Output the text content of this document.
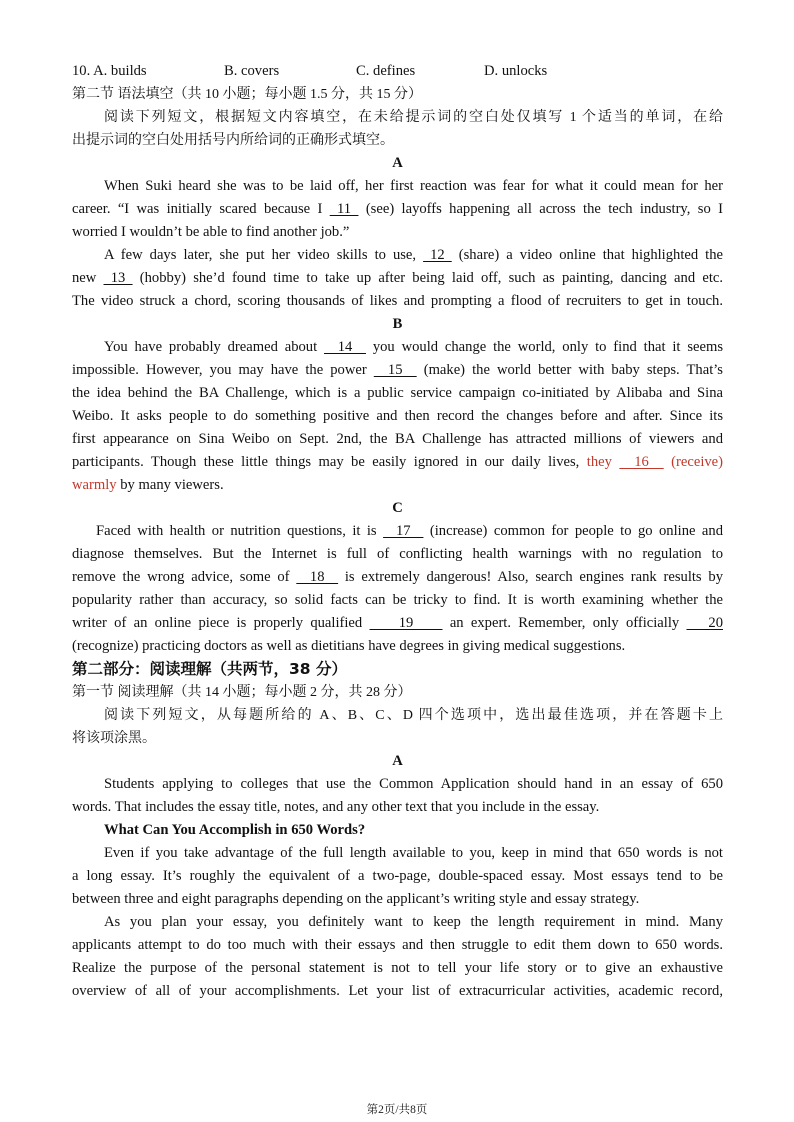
10. A. builds	B. covers	C. defines	D. unlocks
第二节 语法填空（共 10 小题；每小题 1.5 分，共 15 分）
阅读下列短文，根据短文内容填空，在未给提示词的空白处仅填写 1 个适当的单词，在给
出提示词的空白处用括号内所给词的正确形式填空。
A
When Suki heard she was to be laid off, her first reaction was fear for what it could mean for her
career. “I was initially scared because I  11  (see) layoffs happening all across the tech industry, so I
worried I wouldn’t be able to find another job.”
A few days later, she put her video skills to use,  12  (share) a video online that highlighted the
new  13  (hobby) she’d found time to take up after being laid off, such as painting, dancing and etc.
The video struck a chord, scoring thousands of likes and prompting a flood of recruiters to get in touch.
B
You have probably dreamed about   14   you would change the world, only to find that it seems
impossible. However, you may have the power   15   (make) the world better with baby steps. That’s
the idea behind the BA Challenge, which is a public service campaign co-initiated by Alibaba and Sina
Weibo. It asks people to do something positive and then record the changes before and after. Since its
first appearance on Sina Weibo on Sept. 2nd, the BA Challenge has attracted millions of viewers and
participants. Though these little things may be easily ignored in our daily lives, they   16   (receive)
warmly by many viewers.
C
Faced with health or nutrition questions, it is   17   (increase) common for people to go online and
diagnose themselves. But the Internet is full of conflicting health warnings with no regulation to
remove the wrong advice, some of   18   is extremely dangerous! Also, search engines rank results by
popularity rather than accuracy, so solid facts can be tricky to find. It is worth examining whether the
writer of an online piece is properly qualified     19     an expert. Remember, only officially    20
(recognize) practicing doctors as well as dietitians have degrees in giving medical suggestions.
第二部分：阅读理解（共两节，38 分）
第一节 阅读理解（共 14 小题；每小题 2 分，共 28 分）
阅读下列短文，从每题所给的 A、B、C、D 四个选项中，选出最佳选项，并在答题卡上
将该项涂黑。
A
Students applying to colleges that use the Common Application should hand in an essay of 650
words. That includes the essay title, notes, and any other text that you include in the essay.
What Can You Accomplish in 650 Words?
Even if you take advantage of the full length available to you, keep in mind that 650 words is not
a long essay. It’s roughly the equivalent of a two-page, double-spaced essay. Most essays tend to be
between three and eight paragraphs depending on the applicant’s writing style and essay strategy.
As you plan your essay, you definitely want to keep the length requirement in mind. Many
applicants attempt to do too much with their essays and then struggle to edit them down to 650 words.
Realize the purpose of the personal statement is not to tell your life story or to give an exhaustive
overview of all of your accomplishments. Let your list of extracurricular activities, academic record,
第2页/共8页
